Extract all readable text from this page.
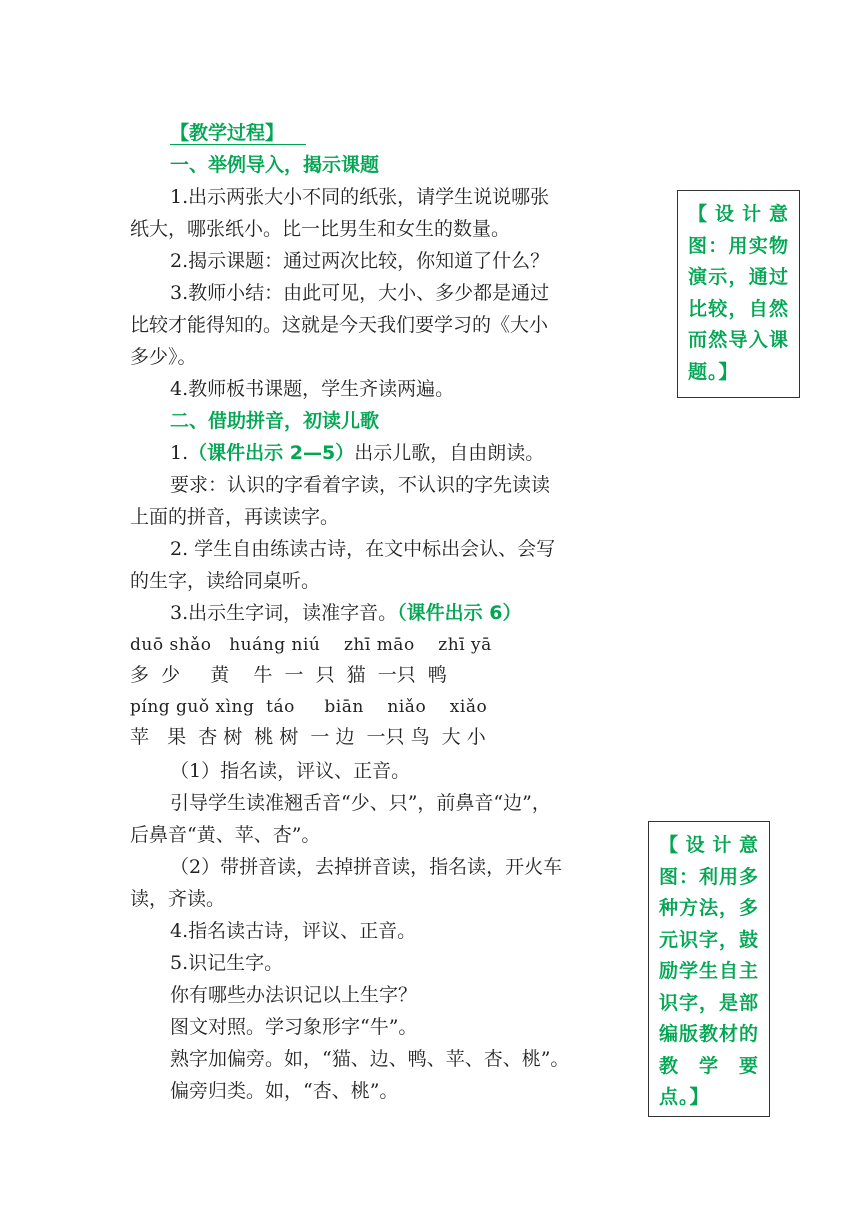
【教学过程】
一、举例导入，揭示课题
1.出示两张大小不同的纸张，请学生说说哪张
纸大，哪张纸小。比一比男生和女生的数量。
2.揭示课题：通过两次比较，你知道了什么？
3.教师小结：由此可见，大小、多少都是通过
比较才能得知的。这就是今天我们要学习的《大小
多少》。
4.教师板书课题，学生齐读两遍。
二、借助拼音，初读儿歌
1.（课件出示 2—5）出示儿歌，自由朗读。
要求：认识的字看着字读，不认识的字先读读
上面的拼音，再读读字。
2. 学生自由练读古诗，在文中标出会认、会写
的生字，读给同桌听。
3.出示生字词，读准字音。（课件出示 6）
duō shǎo   huáng niú    zhī māo    zhī yā
多  少     黄    牛  一  只  猫  一只  鸭
píng guǒ xìng  táo     biān    niǎo    xiǎo
苹   果  杏 树  桃 树  一 边  一只 鸟  大 小
（1）指名读，评议、正音。
引导学生读准翘舌音“少、只”，前鼻音“边”，
后鼻音“黄、苹、杏”。
（2）带拼音读，去掉拼音读，指名读，开火车
读，齐读。
4.指名读古诗，评议、正音。
5.识记生字。
你有哪些办法识记以上生字？
图文对照。学习象形字“牛”。
熟字加偏旁。如，“猫、边、鸭、苹、杏、桃”。
偏旁归类。如，“杏、桃”。
【设计意图：用实物演示，通过比较，自然而然导入课题。】
【设计意图：利用多种方法，多元识字，鼓励学生自主识字，是部编版教材的教学要点。】
